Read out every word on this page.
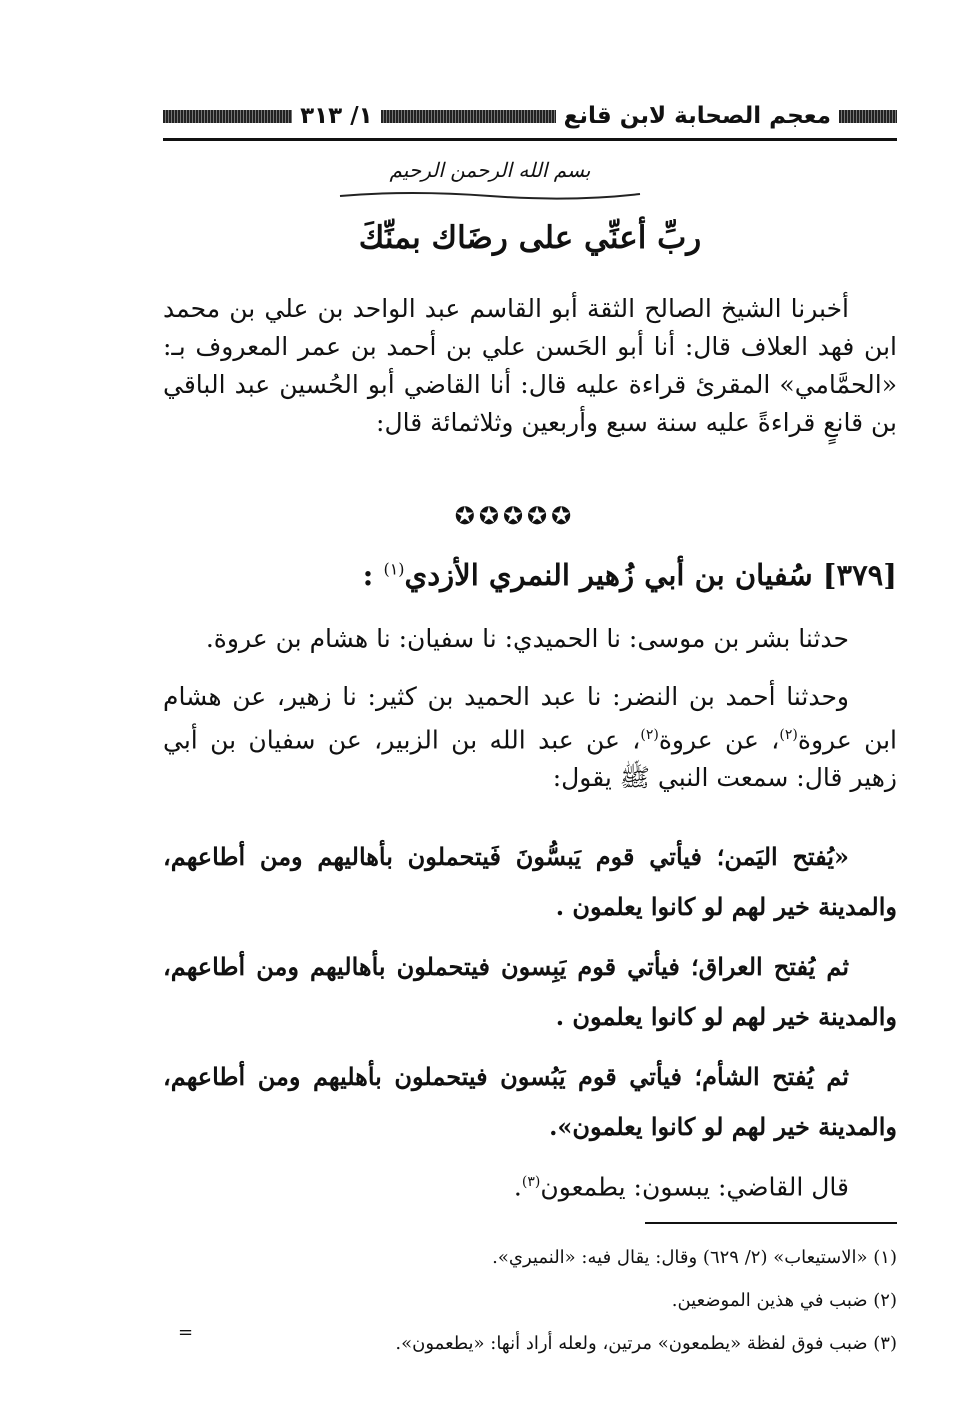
معجم الصحابة لابن قانع
١/ ٣١٣
بسم الله الرحمن الرحيم
ربِّ أعنِّي على رضَاك بمنِّكَ
أخبرنا الشيخ الصالح الثقة أبو القاسم عبد الواحد بن علي بن محمد ابن فهد العلاف قال: أنا أبو الحَسن علي بن أحمد بن عمر المعروف بـ: «الحمَّامي» المقرئ قراءة عليه قال: أنا القاضي أبو الحُسين عبد الباقي بن قانعٍ قراءةً عليه سنة سبع وأربعين وثلاثمائة قال:
✪✪✪✪✪
[٣٧٩] سُفيان بن أبي زُهير النمري الأزدي$^{(١)}$ :
حدثنا بشر بن موسى: نا الحميدي: نا سفيان: نا هشام بن عروة.
وحدثنا أحمد بن النضر: نا عبد الحميد بن كثير: نا زهير، عن هشام ابن عروة$^{(٢)}$، عن عروة$^{(٢)}$، عن عبد الله بن الزبير، عن سفيان بن أبي زهير قال: سمعت النبي ﷺ يقول:
«يُفتح اليَمن؛ فيأتي قوم يَبسُّونَ فَيتحملون بأهاليهم ومن أطاعهم، والمدينة خير لهم لو كانوا يعلمون .
ثم يُفتح العراق؛ فيأتي قوم يَبِسون فيتحملون بأهاليهم ومن أطاعهم، والمدينة خير لهم لو كانوا يعلمون .
ثم يُفتح الشأم؛ فيأتي قوم يَبُسون فيتحملون بأهليهم ومن أطاعهم، والمدينة خير لهم لو كانوا يعلمون».
قال القاضي: يبسون: يطمعون$^{(٣)}$.
(١) «الاستيعاب» (٢/ ٦٢٩) وقال: يقال فيه: «النميري».
(٢) ضبب في هذين الموضعين.
(٣) ضبب فوق لفظة «يطمعون» مرتين، ولعله أراد أنها: «يطعمون».
=
